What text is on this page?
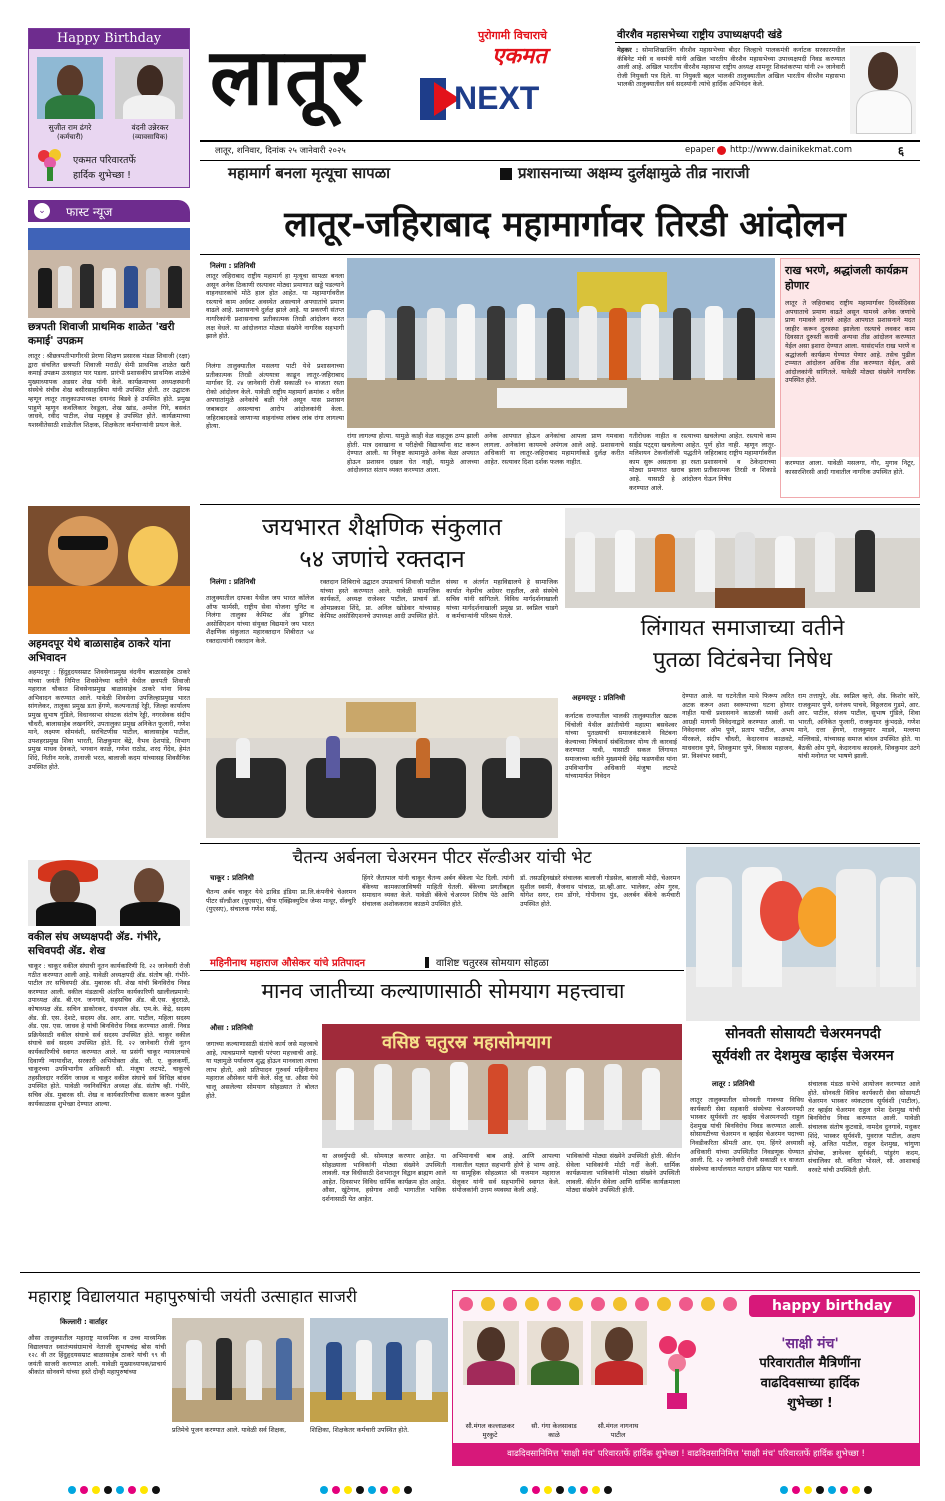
Happy Birthday
सुजीत राम ढंगरे
(कर्मचारी)
वंदनी उन्नेरकर
(व्यावसायिक)
एकमत परिवारतर्फे
हार्दिक शुभेच्छा !
लातूर	पुरोगामी विचाराचे
एकमत
NEXT
लातूर, शनिवार, दिनांक २५ जानेवारी २०२५	epaper http://www.dainikekmat.com	६
वीरशैव महासभेच्या राष्ट्रीय उपाध्यक्षपदी खंडे
मेहकर : सोमाशिखालिंग वीरशैव महासभेच्या बीदर जिल्हाचे पालकमंत्री कर्नाटक सरकारमधील कॅबिनेट मंत्री व वनमंत्री यांनी अखिल भारतीय वीरशैव महासभेच्या उपाध्यक्षपदी निवड करण्यात आली आहे. अखिल भारतीय वीरशैव महासभा राष्ट्रीय अध्यक्ष शामनूर शिवशंकरप्पा यांनी २० जानेवारी रोजी नियुक्ती पत्र दिले. या नियुक्ती बद्दल भालकी तालुक्यातील अखिल भारतीय वीरशैव महासभा भालकी तालुक्यातील सर्व सदस्यांनी त्यांचे हार्दिक अभिनंदन केले.
महामार्ग बनला मृत्यूचा सापळा	प्रशासनाच्या अक्षम्य दुर्लक्षामुळे तीव्र नाराजी
⌄	फास्ट न्यूज
छत्रपती शिवाजी प्राथमिक शाळेत 'खरी कमाई' उपक्रम
लातूर : श्रीछत्रपतीभागीरथी प्रेरणा शिक्षण प्रसारक मंडळ शिवाजी (रक्षा) द्वारा संचलित छत्रपती शिवाजी मराठी/ सेमी प्राथमिक शाळेत खरी कमाई उपक्रम उत्साहात पार पडला. प्रारंभी प्रशासकीय प्राथमिक शाळेचे मुख्याध्यापक अडसर शेख यांनी केले. कार्यक्रमाच्या अध्यक्षस्थानी संस्थेचे संचीव शेख बसीरसाहाबिया यांनी उपस्थित होती. तर उद्घाटक म्हणून लातूर तालुकाउपाध्यक्ष दयानंद बिडवे हे उपस्थित होते. प्रमुख पाहुणे म्हणून कवलिकार रेवडूला, शेख खांड, अमोल गिरे, बसवंत जाधवे, रवीद पाटील, शेख महबूब हे उपस्थित होते. कार्यक्रमाच्या यशस्वीतेसाठी शाळेतील शिक्षक, शिक्षकेतर कर्मचाऱ्यांनी प्रयत्न केले.
अहमदपूर येथे बाळासाहेब ठाकरे यांना अभिवादन
अहमदपूर : हिंदुहृदयसम्राट शिवसेनाप्रमुख वंदनीय बाळासाहेब ठाकरे यांच्या जयंती निमित्त शिवसेनेच्या वतीने येथील छत्रपती शिवाजी महाराज चौकात शिवसेनाप्रमुख बाळासाहेब ठाकरे यांना विनम्र अभिवादन करण्यात आले. यावेळी शिवसेना उपजिल्हाप्रमुख भारत सांगलेकर, तालुका प्रमुख डता हेंगणे, कल्पनाताई रेड्डी, जिल्हा कार्यालय प्रमुख सुभाष गुंडिले, विधानसभा संघटक संतोष रेड्डी, नगरसेवक संदीप चौधरी, बालासाहेब लखनगिरे, उपतालुका प्रमुख अनिकेत फुलारी, गणेश माने, लक्ष्मण सोमवंशी, सरचिटणीस पाटील, बालासाहेब पाटील, उपशहरप्रमुख शिवा भारती, शिक्षकुमार बेंद्रे, वैभव देशपांडे, विभाग प्रमुख माधव देवकते, भगवान काळे, गणेश राठोड, शरद गेंदेव, हेमंत शिंदे, नितीन मरके, तानाजी भरत, बालाजी कदम यांच्यासह शिवसैनिक उपस्थित होते.
वकील संघ अध्यक्षपदी ॲड. गंभीरे, सचिवपदी ॲड. शेख
चाकूर : चाकूर वकील संघाची नूतन कार्यकारिणी दि. २२ जानेवारी रोजी गठीत करण्यात आली आहे. यावेळी अध्यक्षपदी ॲड. संतोष व्ही. गंभीरे-पाटील तर सचिवपदी ॲड. मुबारक सी. शेख यांची बिनविरोध निवड करण्यात आली. वकील मंडळाची अंतरिम कार्यकारिणी खालीलप्रमाणे: उपाध्यक्ष ॲड. बी.एन. जनगावे, सहसचिव ॲड. बी.एस. बुंदराळे, कोषाध्यक्ष ॲड. सचिन डाकोरकर, ग्रंथपाल ॲड. एम.के. केंद्रे, सदस्य ॲड. डी. एस. देशटे, सदस्य ॲड. आर. आर. पाटील, महिला सदस्य ॲड. एस. एस. जाधव हे यांची बिनविरोध निवड करण्यात आली. निवड प्रक्रियेसाठी वकील संघाचे सर्व सदस्य उपस्थित होते. चाकूर वकील संघाचे सर्व सदस्य उपस्थित होते. दि. २२ जानेवारी रोजी नूतन कार्यकारिणीचे स्वागत करण्यात आले. या प्रसंगी चाकूर न्यायालयाचे दिवाणी न्यायाधीश, सरकारी अभियोक्ता ॲड. जी. ए. कुलकर्णी, चाकूरच्या उपविभागीय अधिकारी सौ. मंजूषा लटपटे, चाकूरचे तहसीलदार नरसिंग जाधव व चाकूर वकील संघाचे सर्व विधिज्ञ बांधव उपस्थित होते. यावेळी नवनिर्वाचित अध्यक्ष ॲड. संतोष व्ही. गंभीरे, सचिव ॲड. मुबारक सी. शेख व कार्यकारिणीचा सत्कार करून पुढील कार्यकाळास शुभेच्छा देण्यात आल्या.
लातूर-जहिराबाद महामार्गावर तिरडी आंदोलन
निलंगा : प्रतिनिधी
लातूर जहिराबाद राष्ट्रीय महामार्ग हा मृत्यूचा सापळा बनला असून अनेक ठिकाणी रस्त्यावर मोठ्या प्रमाणात खड्डे पडल्याने वाहनधारकांचे मोठे हाल होत आहेत. या महामार्गावरील रस्त्याचे काम अर्धवट अवस्थेत असल्याने अपघातांचे प्रमाण वाढले आहे. प्रशासनाचे दुर्लक्ष झाले आहे. या प्रकरणी संतप्त नागरिकांनी प्रशासनाचा प्रतीकात्मक तिरडी आंदोलन करत लक्ष वेधले. या आंदोलनात मोठ्या संख्येने नागरिक सहभागी झाले होते.
निलंगा तालुक्यातील मसलगा पाटी येथे प्रशासनाच्या प्रतीकात्मक तिरडी अंत्ययात्रा काढून लातूर-जहिराबाद मार्गावर दि. २४ जानेवारी रोजी सकाळी १० वाजता रस्ता रोको आंदोलन केले. यावेळी राष्ट्रीय महामार्ग क्रमांक २ वरील अपघातांमुळे अनेकांचे बळी गेले असून यास प्रशासन जबाबदार असल्याचा आरोप आंदोलकांनी केला. जहिराबादकडे जाणाऱ्या वाहनांच्या लांबच लांब रांगा लागल्या होत्या.
रांगा लागल्या होत्या. यामुळे काही वेळ वाहतूक ठप्प झाली होती. मात्र दवाखाना व परीक्षेची विद्यार्थ्यांना वाट करून देण्यात आली. या निकृष्ट कामामुळे अनेक वेळा अपघात होऊन प्रशासन दखल घेत नाही, यामुळे आजच्या आंदोलनात संताप व्यक्त करण्यात आला.
अनेक आपघात होऊन अनेकांचा आपला प्राण गमवावा लागला. अनेकांना कायमचे अपंगत्व आले आहे. प्रशासनाचे अधिकारी या लातूर-जहिराबाद महामार्गाकडे दुर्लक्ष करीत आहेत. रस्त्यावर दिशा दर्शक फलक नाहीत.
गतीरोधक नाहीत व रस्त्याच्या साईड पट्ट्या खचलेल्या आहेत. मलिशयन टेकनॉलॉजी पद्धतीने काम सुरू असताना हा रस्ता मोठ्या प्रमाणात खराब झाला आहे. यासाठी हे आंदोलन करण्यात आले.
खचलेल्या आहेत. रस्त्याचे काम पूर्ण होत नाही. म्हणून लातूर-जहिराबाद राष्ट्रीय महामार्गावरील प्रशासनाचे व ठेकेदाराच्या प्रतीकात्मक तिरडी व शिकाडे घेऊन निषेध
राख भरणे, श्रद्धांजली कार्यक्रम होणार
लातूर ते जहिराबाद राष्ट्रीय महामार्गावर दिवसेंदिवस अपघाताचे प्रमाण वाढते असून यामध्ये अनेक जणांचे प्राण गमावले लागले आहेत आपघात प्रशासनाने मदत जाहीर करून दुरवस्था झालेला रस्त्याचे लवकर काम दिवसात दुरुस्ती करावी अन्यथा तीव्र आंदोलन करण्यात येईल असा इशारा देण्यात आला. यासंदर्भात राख भरणे व श्रद्धांजली कार्यक्रम घेण्यात येणार आहे. तसेच पुढील टप्प्यात आंदोलन अधिक तीव्र करण्यात येईल, असे आंदोलकांनी सांगितले. यावेळी मोठ्या संख्येने नागरिक उपस्थित होते.
करण्यात आला. यावेळी मसलगा, गौर, मुगाव निटूर, कासारशिरसी आदी गावातील नागरिक उपस्थित होते.
जयभारत शैक्षणिक संकुलात
५४ जणांचे रक्तदान
निलंगा : प्रतिनिधी
तालुक्यातील दापका येथील जय भारत कॉलेज ऑफ फार्मसी, राष्ट्रीय सेवा योजना युनिट व निलंगा तालुका केमिस्ट ॲड ड्रगिस्ट असोसिएशन यांच्या संयुक्त विद्यमाने जय भारत शैक्षणिक संकुलात महारक्तदान शिबीरात ५४ रक्तदात्यांनी रक्तदान केले.
रक्तदान शिबिराचे उद्घाटन उपप्राचार्य शिवाजी पाटील यांच्या हस्ते करण्यात आले. यावेळी सामाजिक कार्यकर्ते, अध्यक्ष राजेश्वर पाटील, प्राचार्य डॉ. ओमप्रकाश शिंदे, प्रा. अनिल खोडेवार यांच्यासह केमिस्ट असोसिएशनचे उपाध्यक्ष आदी उपस्थित होते.
संस्था व अंतर्गत महाविद्यालये हे सामाजिक कार्यात नेहमीच अग्रेसर राहतील, असे संस्थेचे सचिव यांनी सांगितले. विविध मार्गदर्शनाखाली यांच्या मार्गदर्शनाखाली प्रमुख प्रा. स्वप्निल चाडगे व कर्मचाऱ्यांनी परिश्रम घेतले.	लिंगायत समाजाच्या वतीने
पुतळा विटंबनेचा निषेध
अहमदपूर : प्रतिनिधी
कर्नाटक राज्यातील भालकी तालुक्यातील खटक चिंचोली येथील क्रांतीयोगी महात्मा बसवेश्वर यांच्या पुतळ्याची समाजकंटकाने विटंबना केल्याच्या निषेधार्थ संबंधितावर योग्य ती कारवाई करण्यात यावी, यासाठी सकल लिंगायत समाजाच्या वतीने मुख्यमंत्री देवेंद्र फडणवीस यांना उपविभागीय अधिकारी मंजुषा लटपटे यांच्यामार्फत निवेदन
देण्यात आले. या घटनेतील माथे फिरूप त्वरित अटक करून अशा स्वरूपाच्या घटना होणार नाहीत याची प्रशासनाने काळजी घ्यावी अशी आग्रही मागणी निवेदनाद्वारे करण्यात आली. या निवेदनावर ओम पुणे, प्रताप पाटील, अभय मीरकले, संदीप चौधरी, केदारनाथ काळवटे, माधवराव पुणे, शिवकुमार पुणे, विकास महाजन, प्रा. विश्वंभर स्वामी,
राम तत्तापुरे, ॲड. स्वप्निल व्हत्ते, ॲड. किशोर कोरे, राजकुमार पुणे, धनंजय पाचवे, विठ्ठलराव गुडमे, आर. आर. पाटील, संजय पाटील, सुभाष गुंडिले, शिवा भारती, अनिकेत फुलारी, राजकुमार कुंभदळे, गणेश माने, दत्ता हेंगणे, राजकुमार माडवे, मल्लमा मल्लिवाडे, यांच्यासह समाज बांधव उपस्थित होते. या बैठकी ओम पुणे, केदारनाथ कादवले, शिवकुमार उटगे यांची मनोगत पर भाषणे झाली.
चैतन्य अर्बनला चेअरमन पीटर सॅल्डीअर यांची भेट
चाकूर : प्रतिनिधी
चैतन्य अर्बन चाकूर येथे द्राविड इंडिया प्रा.लि.कंपनीचे चेअरमन पीटर सॅल्डीअर (युएसए), चीफ एक्झिक्युटिव जेम्स माथूर, सँक्चुरि (युएसए), संचालक गणेश साई,
हिंगरे जैतापाल यांनी चाकूर चैतन्य अर्बन बँकेला भेट दिली. त्यांनी बँकेच्या कामकाजाविषयी माहिती घेतली. बँकेच्या प्रगतीबद्दल समाधान व्यक्त केले. यावेळी बँकेचे चेअरमन शिरीष पेठे आणि संचालक अशोककराव काळमे उपस्थित होते.
डॉ. तसउद्दिनखंडरे संचालक बालाजी गोडसेल, बालाजी मोदी, चेअरमन सुशील स्वामी, वैजनाथ पांचाळ, प्रा.व्ही.आर. भालेकर, ओम गुरव, योगेश सगर, राम डोंगरे, गोपीनाथ पुंड, अलर्बन बँकेचे कर्मचारी उपस्थित होते.
सोनवती सोसायटी चेअरमनपदी
सूर्यवंशी तर देशमुख व्हाईस चेअरमन
लातूर : प्रतिनिधी
लातूर तालुक्यातील सोनवती गावच्या विविध कार्यकारी सेवा सहकारी संस्थेच्या चेअरमनपदी भास्कर सूर्यवंशी तर व्हाईस चेअरमनपदी राहुल देशमुख यांची बिनविरोध निवड करण्यात आली. सोसायटीच्या चेअरमन व व्हाईस चेअरमन पदाच्या निवडीकरिता श्रीमती आर. एम. हिंगरे अध्यासी अधिकारी यांच्या उपस्थितीत निवडणूक घेण्यात आली. दि. २२ जानेवारी रोजी सकाळी ११ वाजता संस्थेच्या कार्यालयात मतदान प्रक्रिया पार पडली.
संचालक मंडळ सभेचे आयोजन करण्यात आले होते. सोनवती विविध कार्यकारी सेवा सोसायटी चेअरमन भास्कर व्यंकटराव सूर्यवंशी (पाटील), तर व्हाईस चेअरमन राहुल रमेश देशमुख यांची बिनविरोध निवड करण्यात आली. यावेळी संचालक संतोष कुटवाडे, नामदेव दुनगावे, मधुकर शिंदे, भास्कर सूर्यवंशी, युवराज पाटील, अक्षय नट्टे, अजित पाटील, राहुल देशमुख, चांगुणा डोपोबा, ज्ञानेश्वर सूर्यवंशी, पांडुरंग कदम, संचालिका सौ. वनिता भोसले, सौ. आशाबाई वरवटे यांची उपस्थिती होती.
महिनीनाथ महाराज औसेकर यांचे प्रतिपादन	वाशिष्ट चतुरस्त्र सोमयाग सोहळा
मानव जातीच्या कल्याणासाठी सोमयाग महत्त्वाचा
औसा : प्रतिनिधी
जगाच्या कल्याणासाठी संतांचे कार्य जसे महत्त्वाचे आहे, त्याचप्रमाणे यज्ञाची परंपरा महत्त्वाची आहे. या यज्ञामुळे पर्यावरण शुद्ध होऊन मानवाला त्याचा लाभ होतो, असे प्रतिपादन गुरुवर्य महिनीनाथ महाराज औसेकर यांनी केले. सेलू धा. औसा येथे चालू असलेल्या सोमयाग सोहळ्यात ते बोलत होते.
वसिष्ठ चतुरस्र महासोमयाग
या अध्वर्युपदी श्री. सोमयाज्ञ करणार आहेत. या सोहळ्याला भाविकांनी मोठ्या संख्येने उपस्थिती लावली. यज्ञ विधीसाठी देशभरातून विद्वान ब्राह्मण आले आहेत. दिवसभर विविध धार्मिक कार्यक्रम होत आहेत. औसा, खुंटेगाव, हसेगाव आदी भागातील भाविक दर्शनासाठी येत आहेत.
अभिमानाची बाब आहे. आणि आपल्या गावातील यज्ञात सहभागी होणे हे भाग्य आहे. या सामूहिक सोहळ्यात श्री यजमान महाराज सेलूकर यांनी सर्व सहभागींचे स्वागत केले. संयोजकांनी उत्तम व्यवस्था केली आहे.
भाविकांची मोठ्या संख्येने उपस्थिती होती. कीर्तन सेवेला भाविकांनी मोठी गर्दी केली. धार्मिक कार्यक्रमाला भाविकांनी मोठ्या संख्येने उपस्थिती लावली. कीर्तन सेवेला आणि धार्मिक कार्यक्रमाला मोठ्या संख्येने उपस्थिती होती.
महाराष्ट्र विद्यालयात महापुरुषांची जयंती उत्साहात साजरी
किल्लारी : वार्ताहर
औसा तालुक्यातील महाराष्ट्र माध्यमिक व उच्च माध्यमिक विद्यालयात स्वातंत्र्यसंग्रामाचे नेताजी सुभाषचंद्र बोस यांची १२८ वी तर हिंदुहृदयसम्राट बाळासाहेब ठाकरे यांची ९९ वी जयंती साजरी करण्यात आली. यावेळी मुख्याध्यापक/प्राचार्य श्रीकांत सोनवणे यांच्या हस्ते दोन्ही महापुरुषांच्या
प्रतिमेचे पूजन करण्यात आले. यावेळी सर्व शिक्षक,	शिक्षिका, शिक्षकेतर कर्मचारी उपस्थित होते.
happy birthday
सौ.मंगल कल्लाळकर
मुरकुटे
सौ. गंगा केलसावाड
काळे
सौ.मंगल नागनाथ
पाटील
'साक्षी मंच'
परिवारातील मैत्रिणींना
वाढदिवसाच्या हार्दिक
शुभेच्छा !
वाढदिवसानिमित्त 'साक्षी मंच' परिवारतर्फे हार्दिक शुभेच्छा ! वाढदिवसानिमित्त 'साक्षी मंच' परिवारतर्फे हार्दिक शुभेच्छा !
